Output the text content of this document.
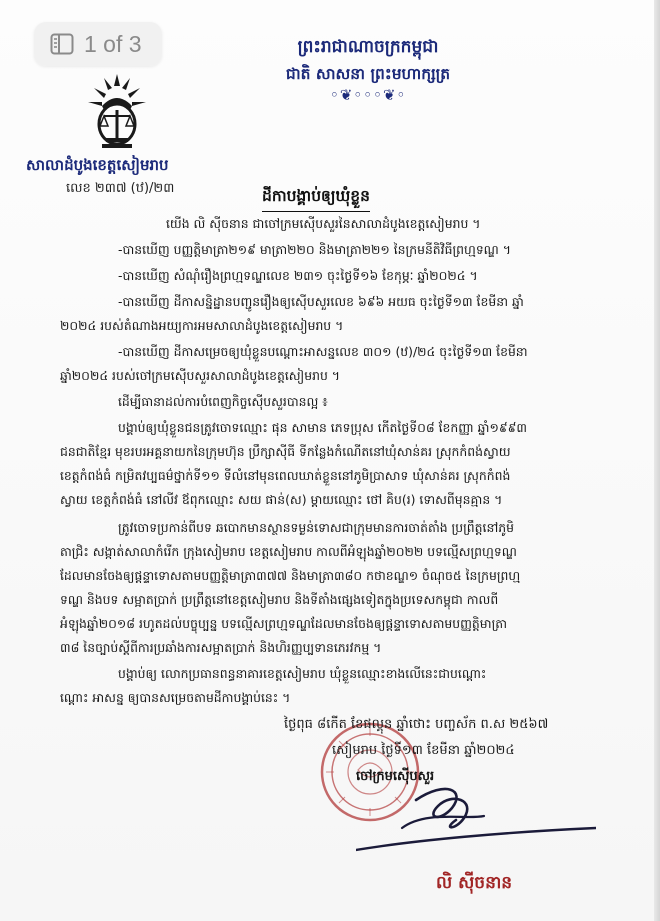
1 of 3	ព្រះរាជាណាចក្រកម្ពុជា
ជាតិ សាសនា ព្រះមហាក្សត្រ
◦❦◦◦◦❦◦
សាលាដំបូងខេត្តសៀមរាប
លេខ ២៣៧ (ឋ)/២៣	ដីកាបង្គាប់ឲ្យឃុំខ្លួន
យើង លិ ស៊ីចនាន ជាចៅក្រមស៊ើបសួរនៃសាលាដំបូងខេត្តសៀមរាប ។
-បានឃើញ បញ្ញត្តិមាត្រា២១៩ មាត្រា២២០ និងមាត្រា២២១ នៃក្រមនីតិវិធីព្រហ្មទណ្ឌ ។
-បានឃើញ សំណុំរឿងព្រហ្មទណ្ឌលេខ ២៣១ ចុះថ្ងៃទី១៦ ខែកុម្ភៈ ឆ្នាំ២០២៤ ។
-បានឃើញ ដីកាសន្និដ្ឋានបញ្ជូនរឿងឲ្យស៊ើបសួរលេខ ៦៩៦ អយធ ចុះថ្ងៃទី១៣ ខែមីនា ឆ្នាំ
២០២៤ របស់តំណាងអយ្យការអមសាលាដំបូងខេត្តសៀមរាប ។
-បានឃើញ ដីកាសម្រេចឲ្យឃុំខ្លួនបណ្ដោះអាសន្នលេខ ៣០១ (ឋ)/២៤ ចុះថ្ងៃទី១៣ ខែមីនា
ឆ្នាំ២០២៤ របស់ចៅក្រមស៊ើបសួរសាលាដំបូងខេត្តសៀមរាប ។
ដើម្បីធានាដល់ការបំពេញកិច្ចស៊ើបសួរបានល្អ ៖
បង្គាប់ឲ្យឃុំខ្លួនជនត្រូវចោទឈ្មោះ ផុន សាមាន ភេទប្រុស កើតថ្ងៃទី០៨ ខែកញ្ញា ឆ្នាំ១៩៩៣
ជនជាតិខ្មែរ មុខរបរអគ្គនាយកនៃក្រុមហ៊ុន ប្រឹក្សាសុីធី ទីកន្លែងកំណើតនៅឃុំសាន់គរ ស្រុកកំពង់ស្វាយ
ខេត្តកំពង់ធំ កម្រិតវប្បធម៌ថ្នាក់ទី១១ ទីលំនៅមុនពេលឃាត់ខ្លួននៅភូមិប្រាសាទ ឃុំសាន់គរ ស្រុកកំពង់
ស្វាយ ខេត្តកំពង់ធំ នៅលីវ ឪពុកឈ្មោះ សយ ផាន់(ស) ម្ដាយឈ្មោះ ថៅ គិប(រ) ទោសពីមុនគ្មាន ។
ត្រូវចោទប្រកាន់ពីបទ ឆបោកមានស្ថានទម្ងន់ទោសជាក្រុមមានការចាត់តាំង ប្រព្រឹត្តនៅភូមិ
តាជ្រិះ សង្កាត់សាលាកំរើក ក្រុងសៀមរាប ខេត្តសៀមរាប កាលពីអំឡុងឆ្នាំ២០២២ បទល្មើសព្រហ្មទណ្ឌ
ដែលមានចែងឲ្យផ្ដន្ទាទោសតាមបញ្ញត្តិមាត្រា៣៧៧ និងមាត្រា៣៨០ កថាខណ្ឌ១ ចំណុច៥ នៃក្រមព្រហ្ម
ទណ្ឌ និងបទ សម្អាតប្រាក់ ប្រព្រឹត្តនៅខេត្តសៀមរាប និងទីតាំងផ្សេងទៀតក្នុងប្រទេសកម្ពុជា កាលពី
អំឡុងឆ្នាំ២០១៨ រហូតដល់បច្ចុប្បន្ន បទល្មើសព្រហ្មទណ្ឌដែលមានចែងឲ្យផ្ដន្ទាទោសតាមបញ្ញត្តិមាត្រា
៣៨ នៃច្បាប់ស្ដីពីការប្រឆាំងការសម្អាតប្រាក់ និងហិរញ្ញប្បទានភេរវកម្ម ។
បង្គាប់ឲ្យ លោកប្រធានពន្ធនាគារខេត្តសៀមរាប ឃុំខ្លួនឈ្មោះខាងលើនេះជាបណ្ដោះ
ណ្ដោះ អាសន្ន ឲ្យបានសម្រេចតាមដីកាបង្គាប់នេះ ។
ថ្ងៃពុធ ៨កើត ខែផល្គុន ឆ្នាំថោះ បញ្ចស័ក ព.ស ២៥៦៧
សៀមរាប ថ្ងៃទី១៣ ខែមីនា ឆ្នាំ២០២៤
ចៅក្រមស៊ើបសួរ
លិ ស៊ីចនាន
